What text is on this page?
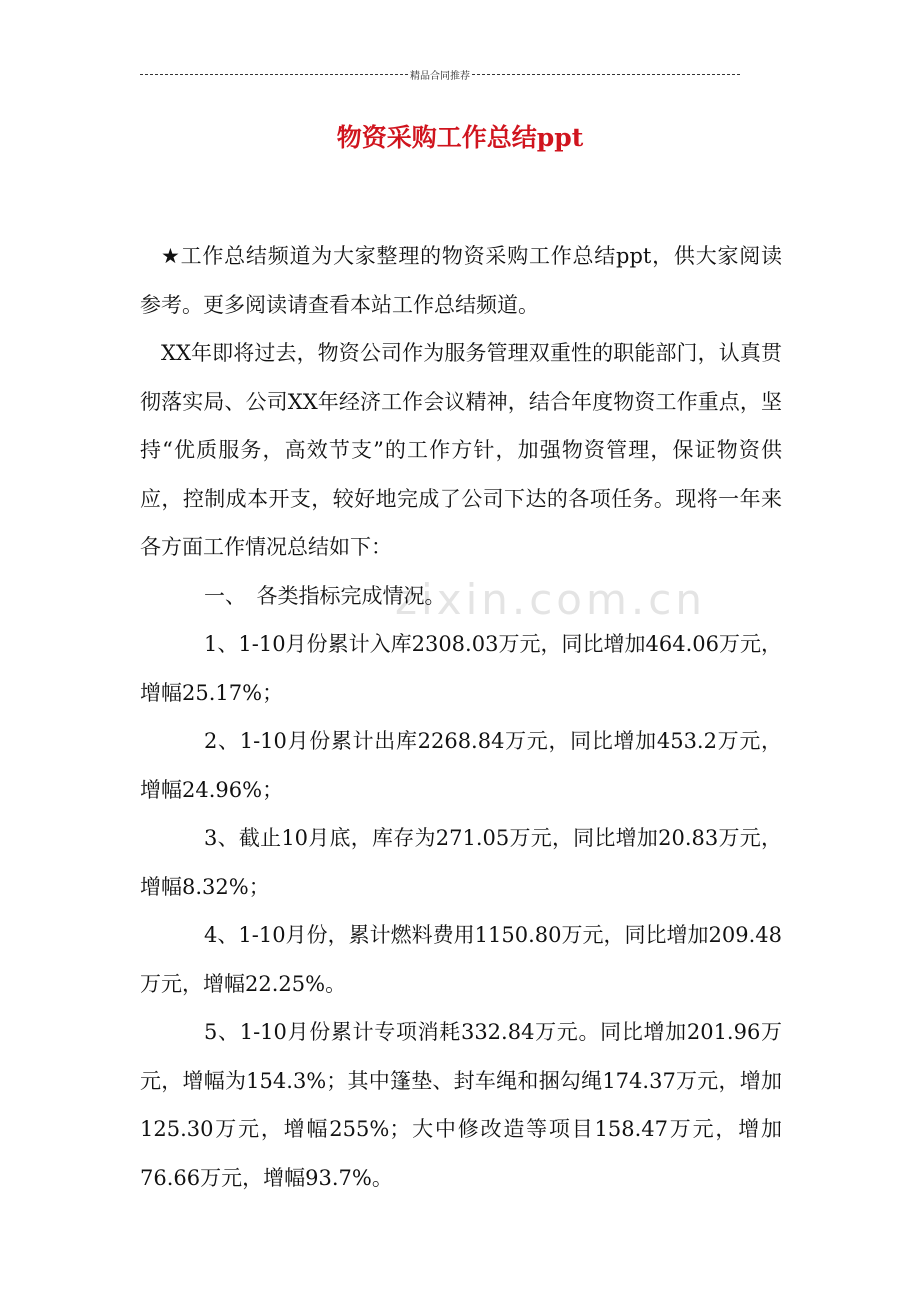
精品合同推荐
物资采购工作总结ppt
zixin.com.cn

★工作总结频道为大家整理的物资采购工作总结ppt，供大家阅读参考。更多阅读请查看本站工作总结频道。

XX年即将过去，物资公司作为服务管理双重性的职能部门，认真贯彻落实局、公司XX年经济工作会议精神，结合年度物资工作重点，坚持“优质服务，高效节支”的工作方针，加强物资管理，保证物资供应，控制成本开支，较好地完成了公司下达的各项任务。现将一年来各方面工作情况总结如下：

一、　各类指标完成情况。

1、1-10月份累计入库2308.03万元，同比增加464.06万元，增幅25.17%；

2、1-10月份累计出库2268.84万元，同比增加453.2万元，增幅24.96%；

3、截止10月底，库存为271.05万元，同比增加20.83万元，增幅8.32%；

4、1-10月份，累计燃料费用1150.80万元，同比增加209.48万元，增幅22.25%。

5、1-10月份累计专项消耗332.84万元。同比增加201.96万元，增幅为154.3%；其中篷垫、封车绳和捆勾绳174.37万元，增加125.30万元，增幅255%；大中修改造等项目158.47万元，增加76.66万元，增幅93.7%。
